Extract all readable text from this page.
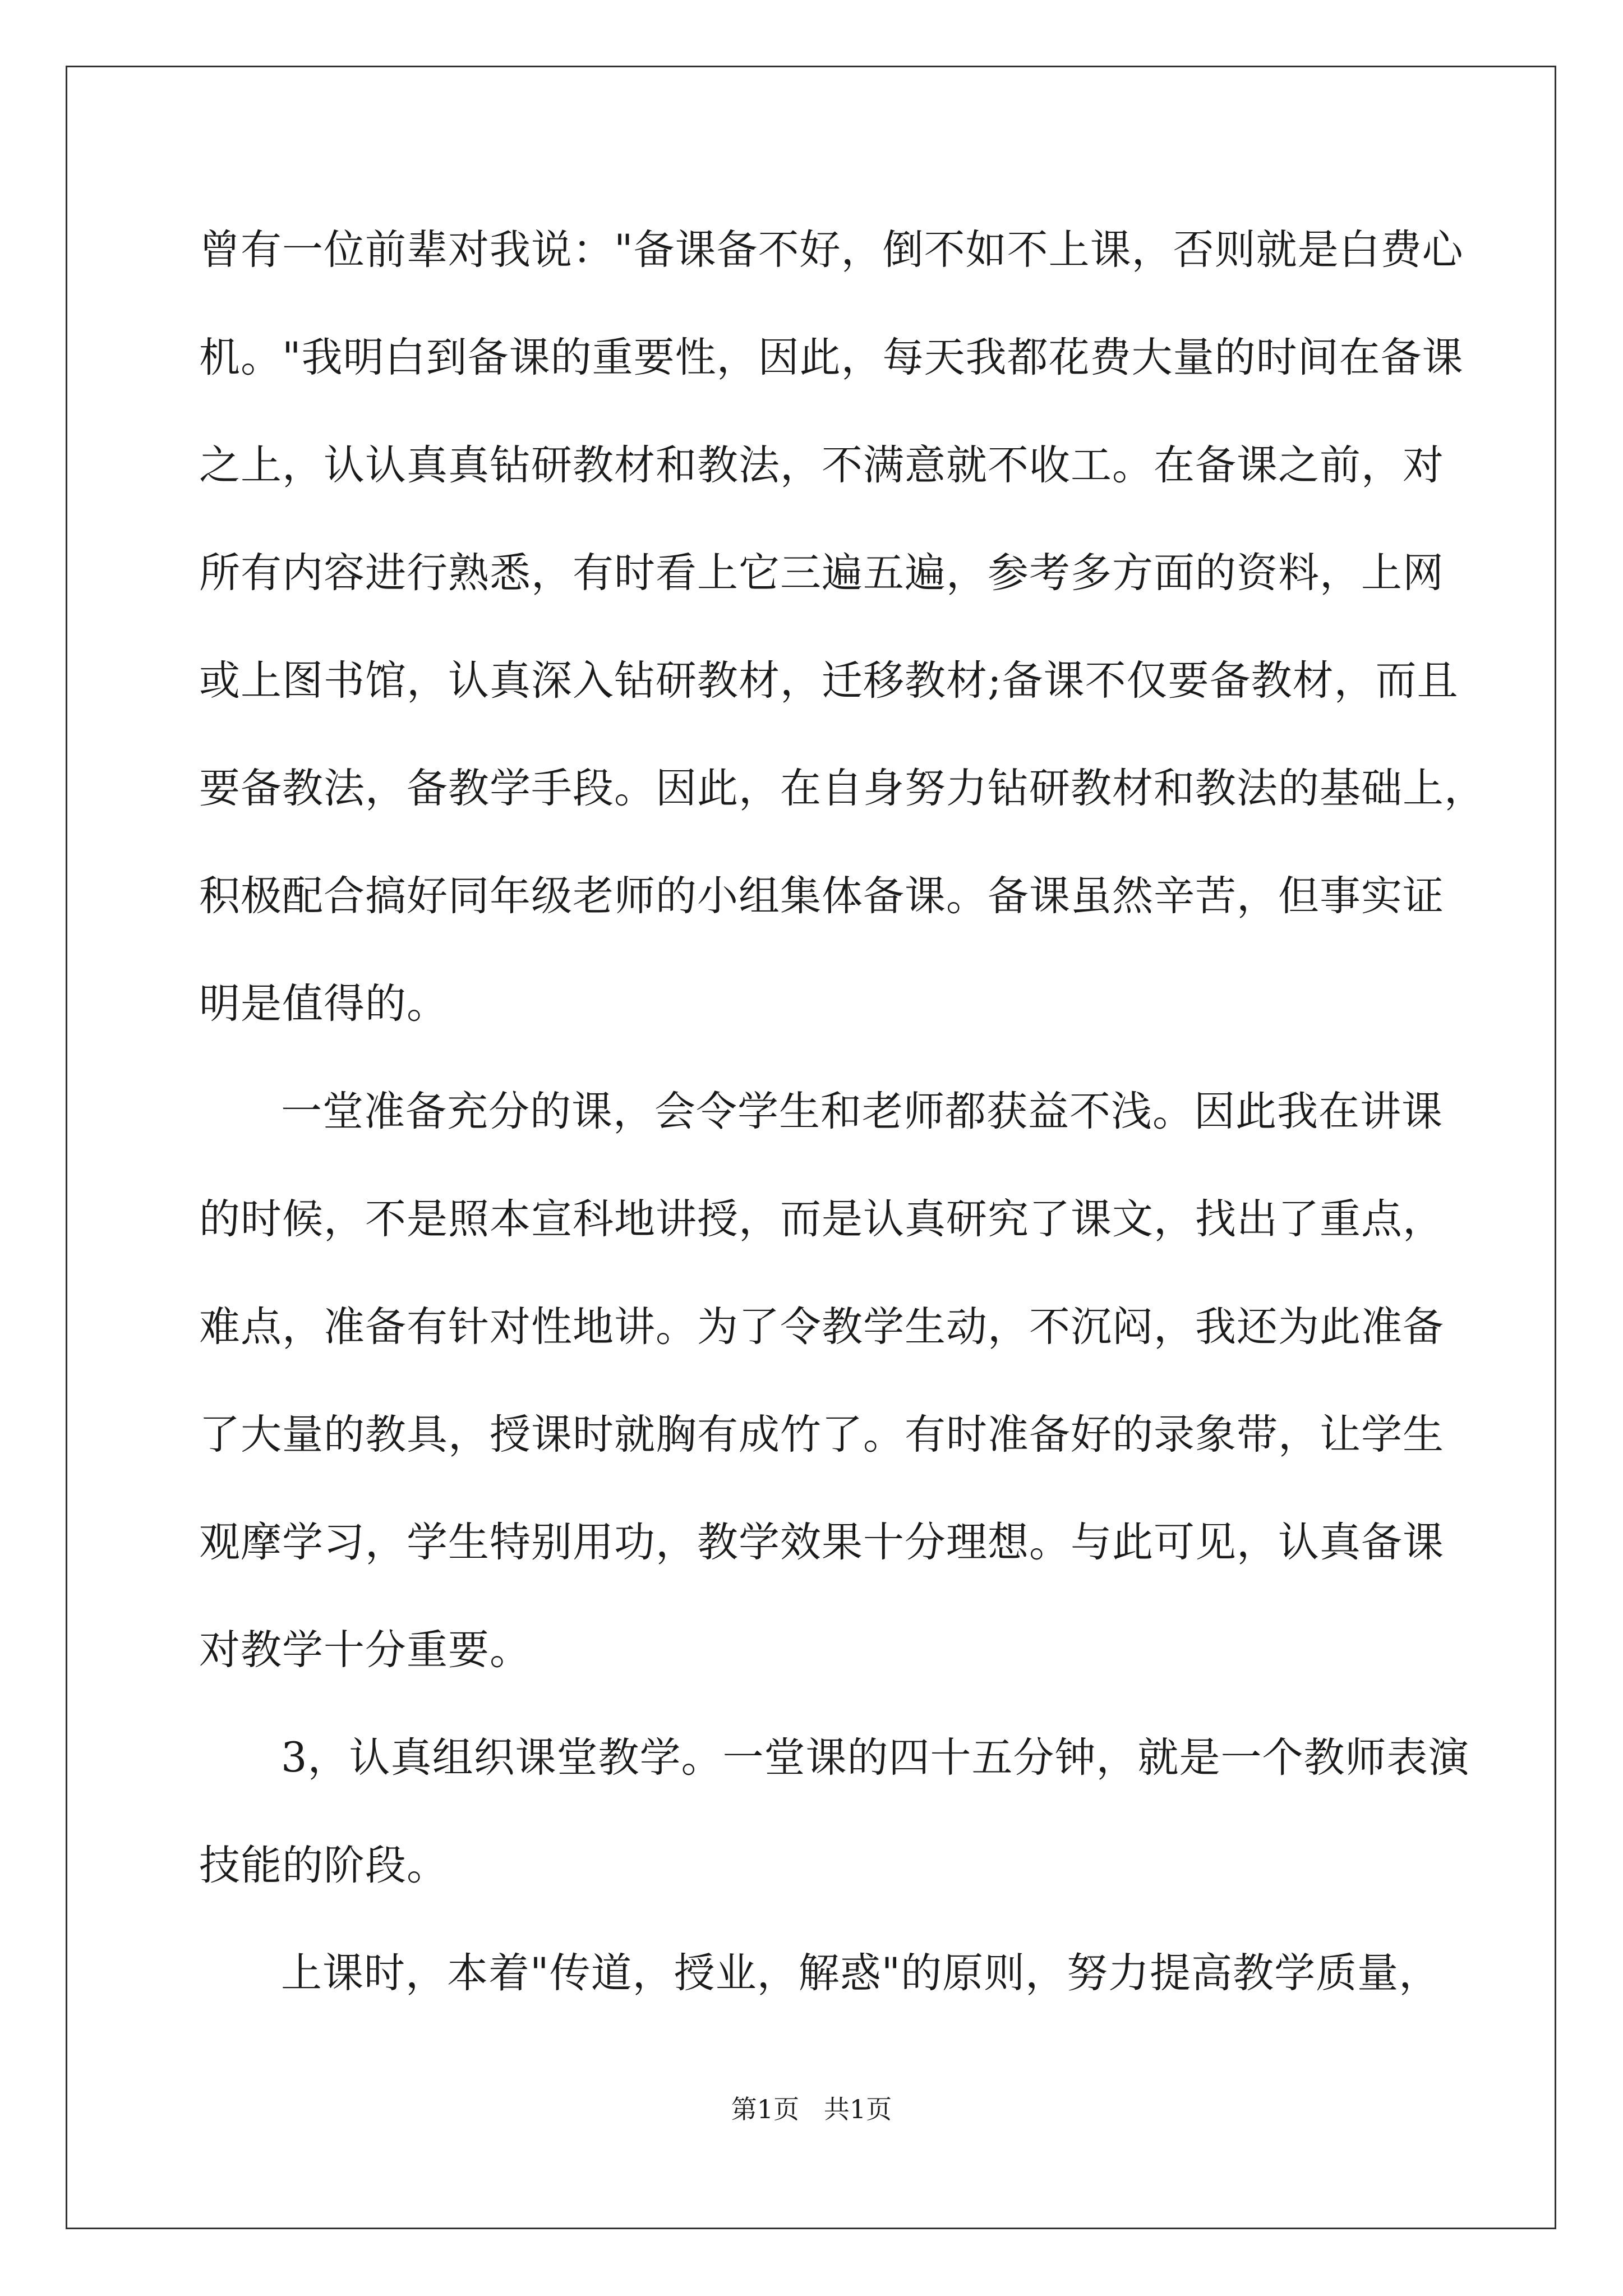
曾有一位前辈对我说："备课备不好，倒不如不上课，否则就是白费心
机。"我明白到备课的重要性，因此，每天我都花费大量的时间在备课
之上，认认真真钻研教材和教法，不满意就不收工。在备课之前，对
所有内容进行熟悉，有时看上它三遍五遍，参考多方面的资料，上网
或上图书馆，认真深入钻研教材，迁移教材;备课不仅要备教材，而且
要备教法，备教学手段。因此，在自身努力钻研教材和教法的基础上，
积极配合搞好同年级老师的小组集体备课。备课虽然辛苦，但事实证
明是值得的。
一堂准备充分的课，会令学生和老师都获益不浅。因此我在讲课
的时候，不是照本宣科地讲授，而是认真研究了课文，找出了重点，
难点，准备有针对性地讲。为了令教学生动，不沉闷，我还为此准备
了大量的教具，授课时就胸有成竹了。有时准备好的录象带，让学生
观摩学习，学生特别用功，教学效果十分理想。与此可见，认真备课
对教学十分重要。
3，认真组织课堂教学。一堂课的四十五分钟，就是一个教师表演
技能的阶段。
上课时，本着"传道，授业，解惑"的原则，努力提高教学质量，
第1页   共1页
